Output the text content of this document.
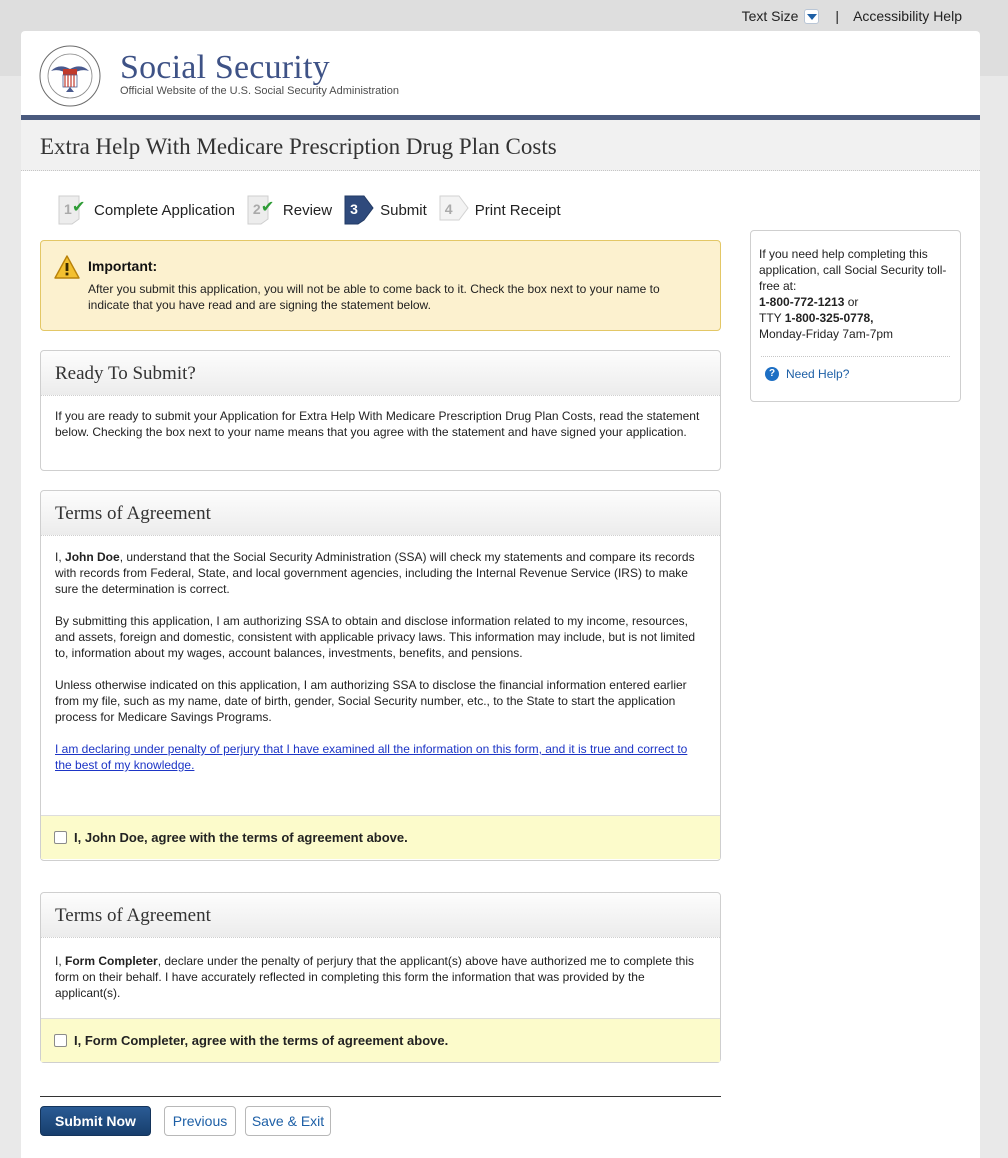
Text Size	| Accessibility Help
Social Security
Official Website of the U.S. Social Security Administration
Extra Help With Medicare Prescription Drug Plan Costs
1 ✔ Complete Application 2 ✔ Review 3 Submit 4 Print Receipt
Important:
After you submit this application, you will not be able to come back to it. Check the box next to your name to indicate that you have read and are signing the statement below.
Ready To Submit?

If you are ready to submit your Application for Extra Help With Medicare Prescription Drug Plan Costs, read the statement below. Checking the box next to your name means that you agree with the statement and have signed your application.

Terms of Agreement

I, John Doe, understand that the Social Security Administration (SSA) will check my statements and compare its records with records from Federal, State, and local government agencies, including the Internal Revenue Service (IRS) to make sure the determination is correct.

By submitting this application, I am authorizing SSA to obtain and disclose information related to my income, resources, and assets, foreign and domestic, consistent with applicable privacy laws. This information may include, but is not limited to, information about my wages, account balances, investments, benefits, and pensions.

Unless otherwise indicated on this application, I am authorizing SSA to disclose the financial information entered earlier from my file, such as my name, date of birth, gender, Social Security number, etc., to the State to start the application process for Medicare Savings Programs.

I am declaring under penalty of perjury that I have examined all the information on this form, and it is true and correct to the best of my knowledge.

I, John Doe, agree with the terms of agreement above.
Terms of Agreement

I, Form Completer, declare under the penalty of perjury that the applicant(s) above have authorized me to complete this form on their behalf. I have accurately reflected in completing this form the information that was provided by the applicant(s).

I, Form Completer, agree with the terms of agreement above.
If you need help completing this application, call Social Security toll-free at:
1-800-772-1213 or
TTY 1-800-325-0778,
Monday-Friday 7am-7pm
? Need Help?
Submit Now	Previous	Save & Exit
